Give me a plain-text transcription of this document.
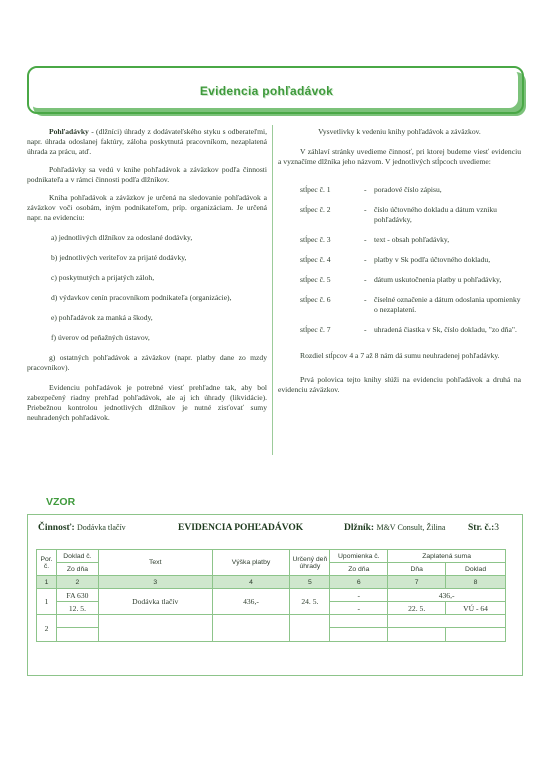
Evidencia pohľadávok

Pohľadávky - (dlžníci) úhrady z dodávateľského styku s odberateľmi, napr. úhrada odoslanej faktúry, záloha poskytnutá pracovníkom, nezaplatená úhrada za prácu, atď.

Pohľadávky sa vedú v knihe pohľadávok a záväzkov podľa činnosti podnikateľa a v rámci činnosti podľa dlžníkov.

Kniha pohľadávok a záväzkov je určená na sledovanie pohľadávok a záväzkov voči osobám, iným podnikateľom, príp. organizáciam. Je určená napr. na evidenciu:

a) jednotlivých dlžníkov za odoslané dodávky,

b) jednotlivých veriteľov za prijaté dodávky,

c) poskytnutých a prijatých záloh,

d) výdavkov cenín pracovníkom podnikateľa (organizácie),

e) pohľadávok za manká a škody,

f) úverov od peňažných ústavov,

g) ostatných pohľadávok a záväzkov (napr. platby dane zo mzdy pracovníkov).

Evidenciu pohľadávok je potrebné viesť prehľadne tak, aby bol zabezpečený riadny prehľad pohľadávok, ale aj ich úhrady (likvidácie). Priebežnou kontrolou jednotlivých dlžníkov je nutné zisťovať sumy neuhradených pohľadávok.

Vysvetlivky k vedeniu knihy pohľadávok a záväzkov.

V záhlaví stránky uvedieme činnosť, pri ktorej budeme viesť evidenciu a vyznačíme dlžníka jeho názvom. V jednotlivých stĺpcoch uvedieme:

stĺpec č. 1	- poradové číslo zápisu,
stĺpec č. 2	- číslo účtovného dokladu a dátum vzniku pohľadávky,
stĺpec č. 3	- text - obsah pohľadávky,
stĺpec č. 4	- platby v Sk podľa účtovného dokladu,
stĺpec č. 5	- dátum uskutočnenia platby u pohľadávky,
stĺpec č. 6	- číselné označenie a dátum odoslania upomienky o nezaplatení.
stĺpec č. 7	- uhradená čiastka v Sk, číslo dokladu, "zo dňa".

Rozdiel stĺpcov 4 a 7 až 8 nám dá sumu neuhradenej pohľadávky.

Prvá polovica tejto knihy slúži na evidenciu pohľadávok a druhá na evidenciu záväzkov.

VZOR
Činnosť: Dodávka tlačív	EVIDENCIA POHĽADÁVOK	Dlžník: M&V Consult, Žilina Str. č.:3
Por. č.	Doklad č.	Text	Výška platby	Určený deň úhrady	Upomienka č.	Zaplatená suma	
	Zo dňa				Zo dňa	Dňa	Doklad
1	2	3	4	5	6	7	8
1	FA 630	Dodávka tlačív	436,-	24. 5.	-	436,-	
	12. 5.				-	22. 5.	VÚ - 64
2							
